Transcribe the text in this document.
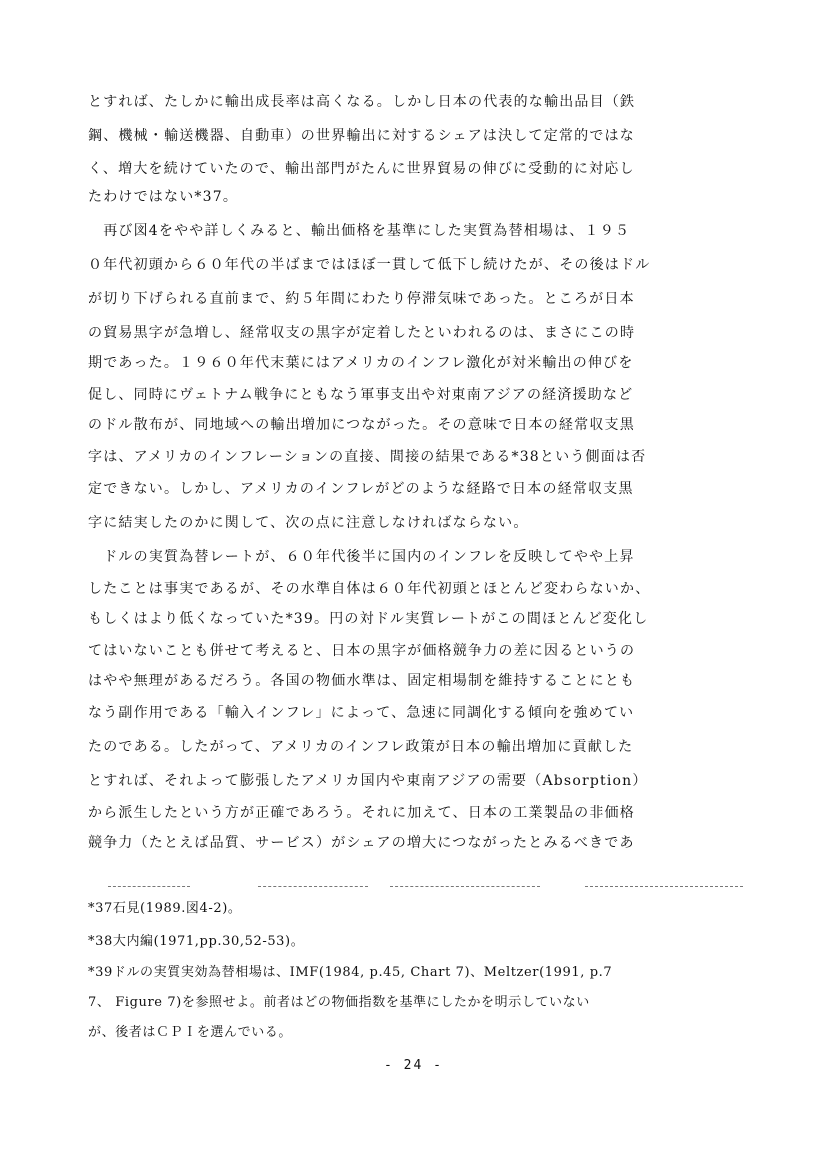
とすれば、たしかに輸出成長率は高くなる。しかし日本の代表的な輸出品目（鉄
鋼、機械・輸送機器、自動車）の世界輸出に対するシェアは決して定常的ではな
く、増大を続けていたので、輸出部門がたんに世界貿易の伸びに受動的に対応し
たわけではない*37。
　再び図4をやや詳しくみると、輸出価格を基準にした実質為替相場は、１９５
０年代初頭から６０年代の半ばまではほぼ一貫して低下し続けたが、その後はドル
が切り下げられる直前まで、約５年間にわたり停滞気味であった。ところが日本
の貿易黒字が急増し、経常収支の黒字が定着したといわれるのは、まさにこの時
期であった。１９６０年代末葉にはアメリカのインフレ激化が対米輸出の伸びを
促し、同時にヴェトナム戦争にともなう軍事支出や対東南アジアの経済援助など
のドル散布が、同地域への輸出増加につながった。その意味で日本の経常収支黒
字は、アメリカのインフレーションの直接、間接の結果である*38という側面は否
定できない。しかし、アメリカのインフレがどのような経路で日本の経常収支黒
字に結実したのかに関して、次の点に注意しなければならない。
　ドルの実質為替レートが、６０年代後半に国内のインフレを反映してやや上昇
したことは事実であるが、その水準自体は６０年代初頭とほとんど変わらないか、
もしくはより低くなっていた*39。円の対ドル実質レートがこの間ほとんど変化し
てはいないことも併せて考えると、日本の黒字が価格競争力の差に因るというの
はやや無理があるだろう。各国の物価水準は、固定相場制を維持することにとも
なう副作用である「輸入インフレ」によって、急速に同調化する傾向を強めてい
たのである。したがって、アメリカのインフレ政策が日本の輸出増加に貢献した
とすれば、それよって膨張したアメリカ国内や東南アジアの需要（Absorption）
から派生したという方が正確であろう。それに加えて、日本の工業製品の非価格
競争力（たとえば品質、サービス）がシェアの増大につながったとみるべきであ
*37石見(1989.図4-2)。
*38大内編(1971,pp.30,52-53)。
*39ドルの実質実効為替相場は、IMF(1984, p.45, Chart 7)、Meltzer(1991, p.7
7、 Figure 7)を参照せよ。前者はどの物価指数を基準にしたかを明示していない
が、後者はＣＰＩを選んでいる。
- 24 -
